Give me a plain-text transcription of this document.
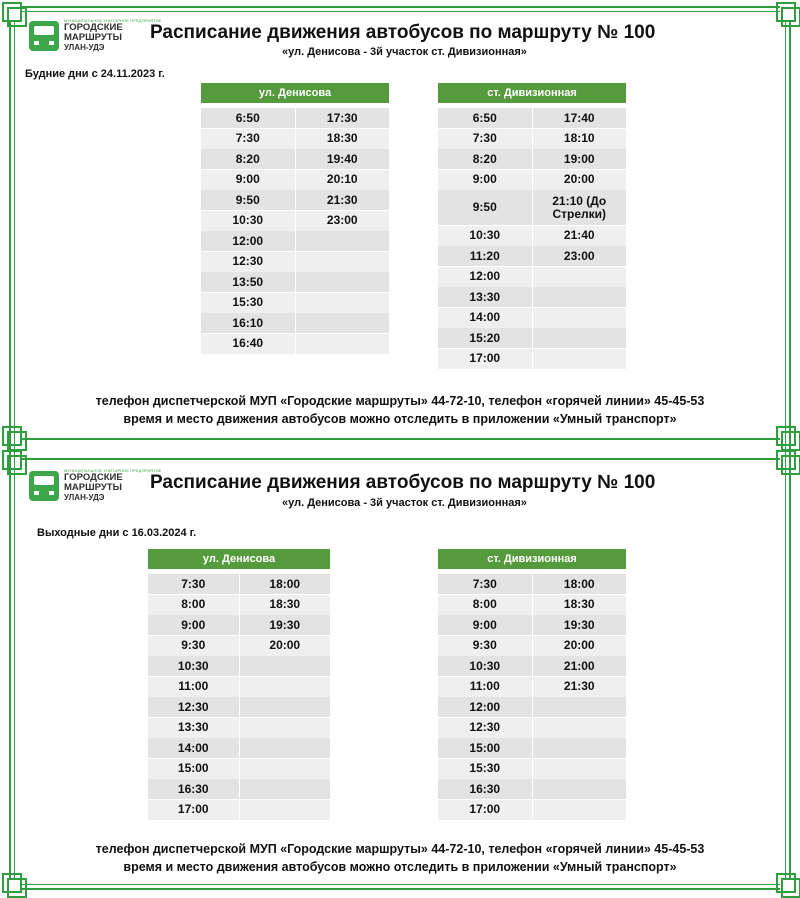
МУНИЦИПАЛЬНОЕ УНИТАРНОЕ ПРЕДПРИЯТИЕ
ГОРОДСКИЕ
МАРШРУТЫ
УЛАН-УДЭ
Расписание движения автобусов по маршруту № 100
«ул. Денисова - 3й участок ст. Дивизионная»
Будние дни с 24.11.2023 г.
ул. Денисова
6:50	17:30
7:30	18:30
8:20	19:40
9:00	20:10
9:50	21:30
10:30	23:00
12:00
12:30
13:50
15:30
16:10
16:40
ст. Дивизионная
6:50	17:40
7:30	18:10
8:20	19:00
9:00	20:00
9:50	21:10 (До Стрелки)
10:30	21:40
11:20	23:00
12:00
13:30
14:00
15:20
17:00
телефон диспетчерской МУП «Городские маршруты» 44-72-10, телефон «горячей линии» 45-45-53
время и место движения автобусов можно отследить в приложении «Умный транспорт»
МУНИЦИПАЛЬНОЕ УНИТАРНОЕ ПРЕДПРИЯТИЕ
ГОРОДСКИЕ
МАРШРУТЫ
УЛАН-УДЭ
Расписание движения автобусов по маршруту № 100
«ул. Денисова - 3й участок ст. Дивизионная»
Выходные дни с 16.03.2024 г.
ул. Денисова
7:30	18:00
8:00	18:30
9:00	19:30
9:30	20:00
10:30
11:00
12:30
13:30
14:00
15:00
16:30
17:00
ст. Дивизионная
7:30	18:00
8:00	18:30
9:00	19:30
9:30	20:00
10:30	21:00
11:00	21:30
12:00
12:30
15:00
15:30
16:30
17:00
телефон диспетчерской МУП «Городские маршруты» 44-72-10, телефон «горячей линии» 45-45-53
время и место движения автобусов можно отследить в приложении «Умный транспорт»
